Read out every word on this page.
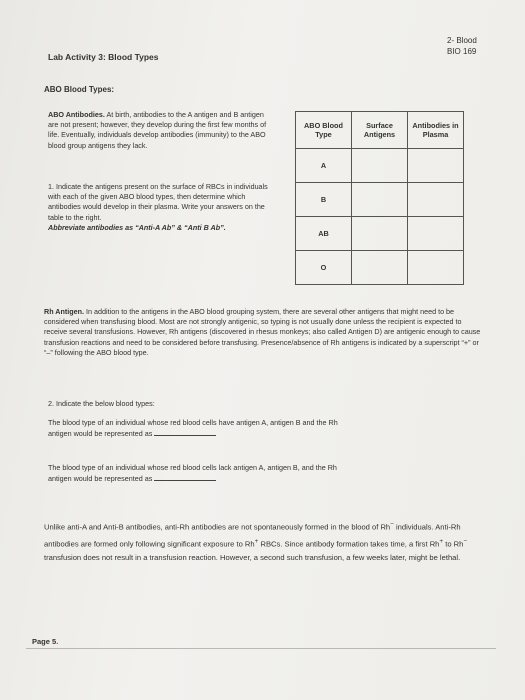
2- Blood
BIO 169
Lab Activity 3: Blood Types
ABO Blood Types:
ABO Antibodies. At birth, antibodies to the A antigen and B antigen are not present; however, they develop during the first few months of life. Eventually, individuals develop antibodies (immunity) to the ABO blood group antigens they lack.
1. Indicate the antigens present on the surface of RBCs in individuals with each of the given ABO blood types, then determine which antibodies would develop in their plasma. Write your answers on the table to the right.
Abbreviate antibodies as “Anti-A Ab” & “Anti B Ab”.
ABO Blood Type	Surface Antigens	Antibodies in Plasma
A		
B		
AB		
O		
Rh Antigen. In addition to the antigens in the ABO blood grouping system, there are several other antigens that might need to be considered when transfusing blood. Most are not strongly antigenic, so typing is not usually done unless the recipient is expected to receive several transfusions. However, Rh antigens (discovered in rhesus monkeys; also called Antigen D) are antigenic enough to cause transfusion reactions and need to be considered before transfusing. Presence/absence of Rh antigens is indicated by a superscript “+” or “–” following the ABO blood type.
2. Indicate the below blood types:
The blood type of an individual whose red blood cells have antigen A, antigen B and the Rh antigen would be represented as
The blood type of an individual whose red blood cells lack antigen A, antigen B, and the Rh antigen would be represented as
Unlike anti-A and Anti-B antibodies, anti-Rh antibodies are not spontaneously formed in the blood of Rh− individuals. Anti-Rh antibodies are formed only following significant exposure to Rh+ RBCs. Since antibody formation takes time, a first Rh+ to Rh− transfusion does not result in a transfusion reaction. However, a second such transfusion, a few weeks later, might be lethal.
Page 5.
